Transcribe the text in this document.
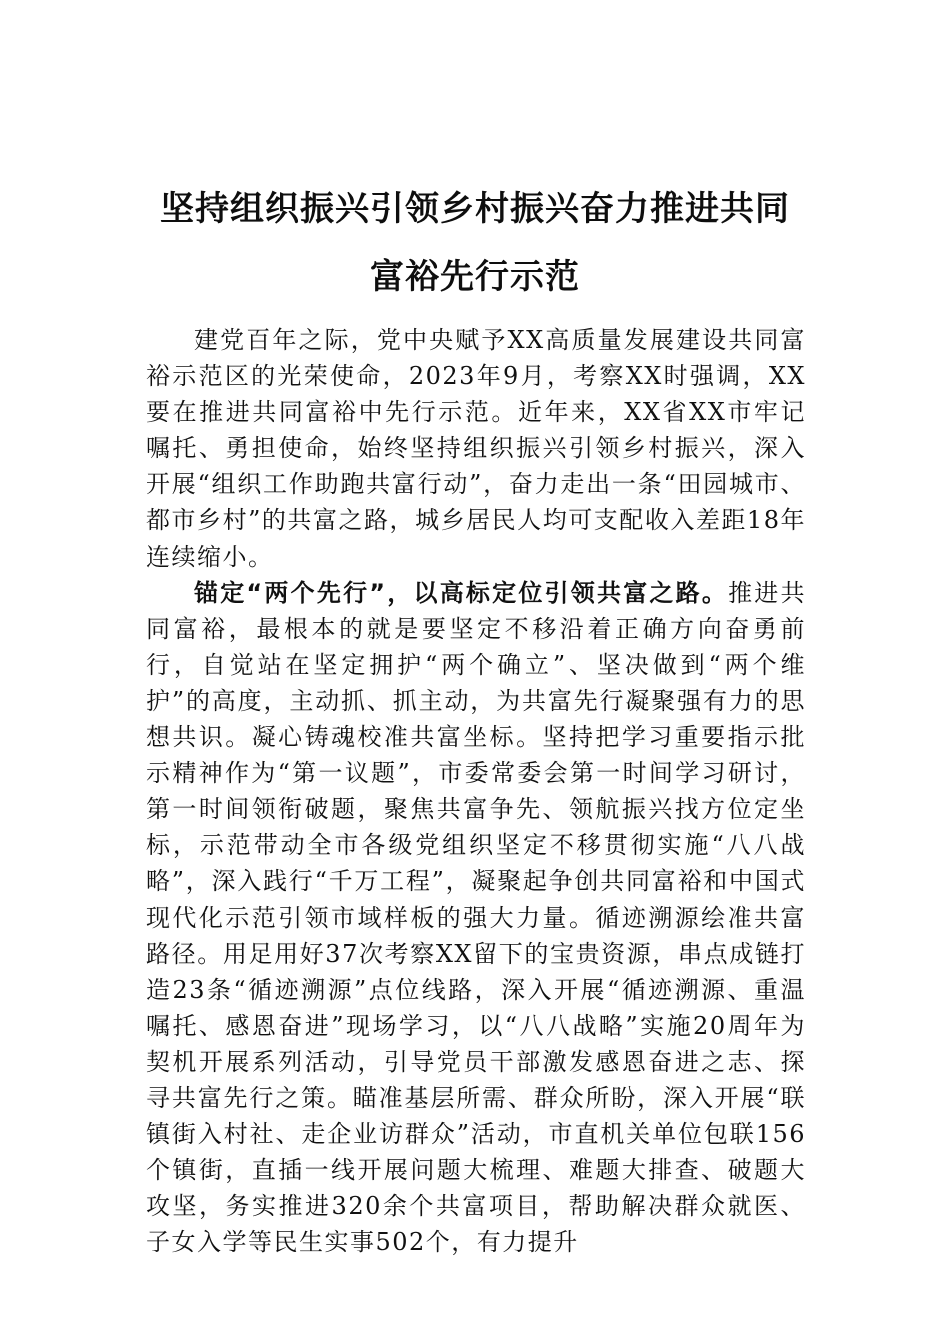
坚持组织振兴引领乡村振兴奋力推进共同
富裕先行示范

建党百年之际，党中央赋予XX高质量发展建设共同富裕示范区的光荣使命，2023年9月，考察XX时强调，XX要在推进共同富裕中先行示范。近年来，XX省XX市牢记嘱托、勇担使命，始终坚持组织振兴引领乡村振兴，深入开展“组织工作助跑共富行动”，奋力走出一条“田园城市、都市乡村”的共富之路，城乡居民人均可支配收入差距18年连续缩小。

锚定“两个先行”，以高标定位引领共富之路。推进共同富裕，最根本的就是要坚定不移沿着正确方向奋勇前行，自觉站在坚定拥护“两个确立”、坚决做到“两个维护”的高度，主动抓、抓主动，为共富先行凝聚强有力的思想共识。凝心铸魂校准共富坐标。坚持把学习重要指示批示精神作为“第一议题”，市委常委会第一时间学习研讨，第一时间领衔破题，聚焦共富争先、领航振兴找方位定坐标，示范带动全市各级党组织坚定不移贯彻实施“八八战略”，深入践行“千万工程”，凝聚起争创共同富裕和中国式现代化示范引领市域样板的强大力量。循迹溯源绘准共富路径。用足用好37次考察XX留下的宝贵资源，串点成链打造23条“循迹溯源”点位线路，深入开展“循迹溯源、重温嘱托、感恩奋进”现场学习，以“八八战略”实施20周年为契机开展系列活动，引导党员干部激发感恩奋进之志、探寻共富先行之策。瞄准基层所需、群众所盼，深入开展“联镇街入村社、走企业访群众”活动，市直机关单位包联156个镇街，直插一线开展问题大梳理、难题大排查、破题大攻坚，务实推进320余个共富项目，帮助解决群众就医、子女入学等民生实事502个，有力提升
